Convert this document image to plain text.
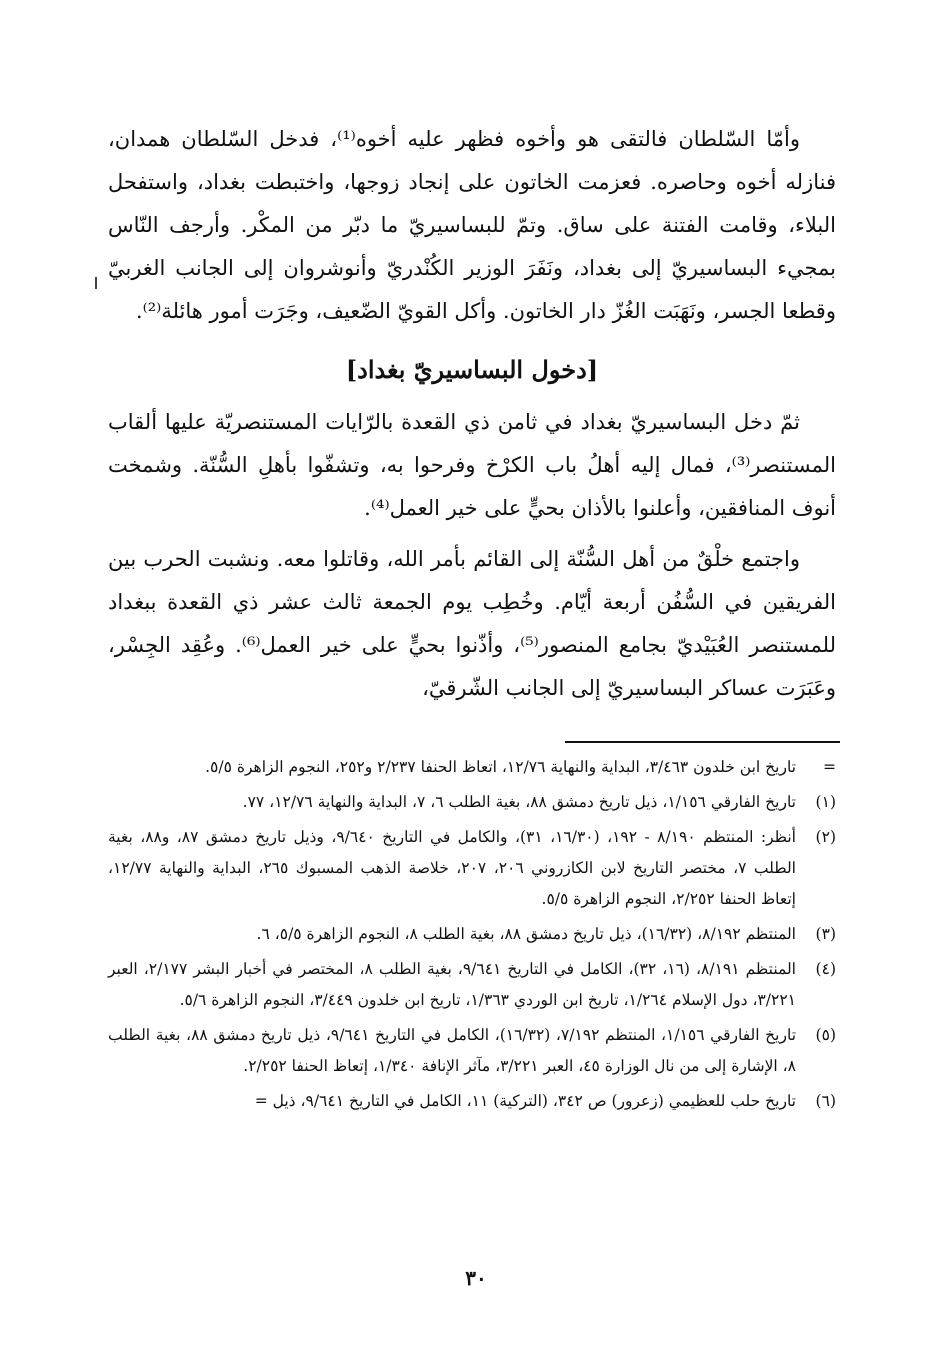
وأمّا السّلطان فالتقى هو وأخوه فظهر عليه أخوه⁽¹⁾، فدخل السّلطان همدان، فنازله أخوه وحاصره. فعزمت الخاتون على إنجاد زوجها، واختبطت بغداد، واستفحل البلاء، وقامت الفتنة على ساق. وتمّ للبساسيريّ ما دبّر من المكْر. وأرجف النّاس بمجيء البساسيريّ إلى بغداد، ونَفَرَ الوزير الكُنْدريّ وأنوشروان إلى الجانب الغربيّ وقطعا الجسر، ونَهَبَت الغُزّ دار الخاتون. وأكل القويّ الضّعيف، وجَرَت أمور هائلة⁽²⁾.

[دخول البساسيريّ بغداد]

ثمّ دخل البساسيريّ بغداد في ثامن ذي القعدة بالرّايات المستنصريّة عليها ألقاب المستنصر⁽³⁾، فمال إليه أهلُ باب الكرْخ وفرحوا به، وتشفّوا بأهلِ السُّنّة. وشمخت أنوف المنافقين، وأعلنوا بالأذان بحيٍّ على خير العمل⁽⁴⁾.

واجتمع خلْقٌ من أهل السُّنّة إلى القائم بأمر الله، وقاتلوا معه. ونشبت الحرب بين الفريقين في السُّفُن أربعة أيّام. وخُطِب يوم الجمعة ثالث عشر ذي القعدة ببغداد للمستنصر العُبَيْديّ بجامع المنصور⁽⁵⁾، وأذّنوا بحيٍّ على خير العمل⁽⁶⁾. وعُقِد الجِسْر، وعَبَرَت عساكر البساسيريّ إلى الجانب الشّرقيّ،

=
تاريخ ابن خلدون ٣/٤٦٣، البداية والنهاية ١٢/٧٦، اتعاظ الحنفا ٢/٢٣٧ و٢٥٢، النجوم الزاهرة ٥/٥.
(١)
تاريخ الفارقي ١/١٥٦، ذيل تاريخ دمشق ٨٨، بغية الطلب ٦، ٧، البداية والنهاية ١٢/٧٦، ٧٧.
(٢)
أنظر: المنتظم ٨/١٩٠ - ١٩٢، (١٦/٣٠، ٣١)، والكامل في التاريخ ٩/٦٤٠، وذيل تاريخ دمشق ٨٧، و٨٨، بغية الطلب ٧، مختصر التاريخ لابن الكازروني ٢٠٦، ٢٠٧، خلاصة الذهب المسبوك ٢٦٥، البداية والنهاية ١٢/٧٧، إتعاظ الحنفا ٢/٢٥٢، النجوم الزاهرة ٥/٥.
(٣)
المنتظم ٨/١٩٢، (١٦/٣٢)، ذيل تاريخ دمشق ٨٨، بغية الطلب ٨، النجوم الزاهرة ٥/٥، ٦.
(٤)
المنتظم ٨/١٩١، (١٦، ٣٢)، الكامل في التاريخ ٩/٦٤١، بغية الطلب ٨، المختصر في أخبار البشر ٢/١٧٧، العبر ٣/٢٢١، دول الإسلام ١/٢٦٤، تاريخ ابن الوردي ١/٣٦٣، تاريخ ابن خلدون ٣/٤٤٩، النجوم الزاهرة ٥/٦.
(٥)
تاريخ الفارقي ١/١٥٦، المنتظم ٧/١٩٢، (١٦/٣٢)، الكامل في التاريخ ٩/٦٤١، ذيل تاريخ دمشق ٨٨، بغية الطلب ٨، الإشارة إلى من نال الوزارة ٤٥، العبر ٣/٢٢١، مآثر الإنافة ١/٣٤٠، إتعاظ الحنفا ٢/٢٥٢.
(٦)
تاريخ حلب للعظيمي (زعرور) ص ٣٤٢، (التركية) ١١، الكامل في التاريخ ٩/٦٤١، ذيل =
٣٠
